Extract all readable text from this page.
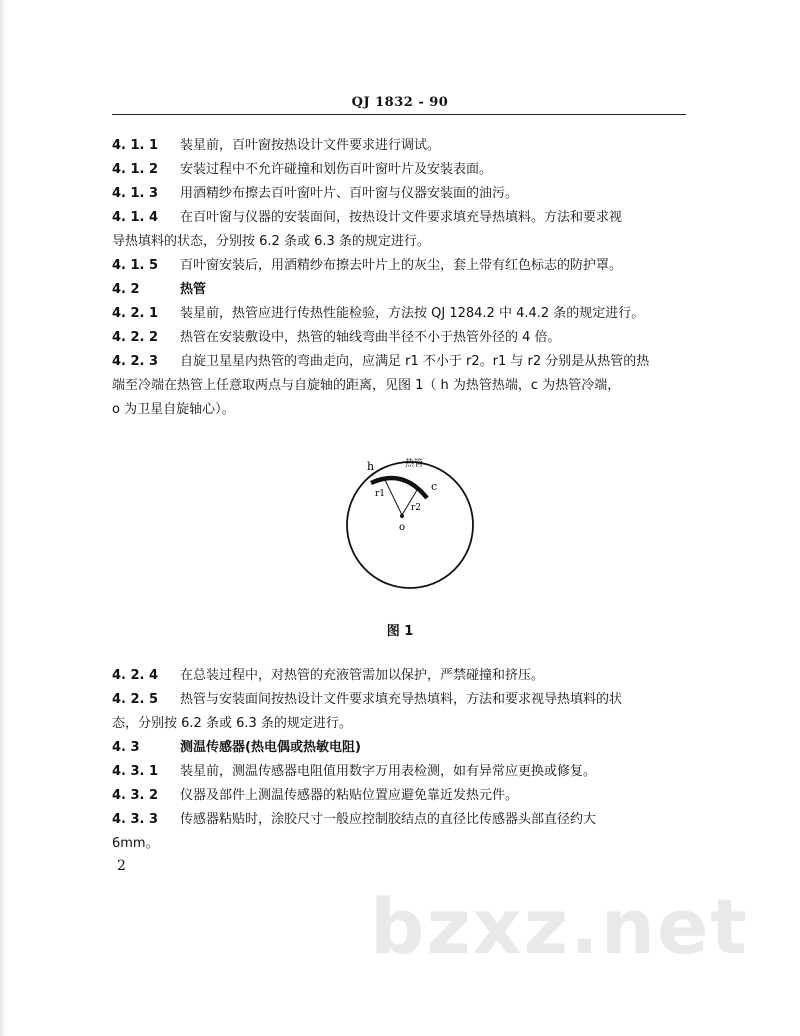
QJ 1832 - 90
4. 1. 1 装星前，百叶窗按热设计文件要求进行调试。
4. 1. 2 安装过程中不允许碰撞和划伤百叶窗叶片及安装表面。
4. 1. 3 用酒精纱布擦去百叶窗叶片、百叶窗与仪器安装面的油污。
4. 1. 4 在百叶窗与仪器的安装面间，按热设计文件要求填充导热填料。方法和要求视
导热填料的状态，分别按 6.2 条或 6.3 条的规定进行。
4. 1. 5 百叶窗安装后，用酒精纱布擦去叶片上的灰尘，套上带有红色标志的防护罩。
4. 2	热管
4. 2. 1 装星前，热管应进行传热性能检验，方法按 QJ 1284.2 中 4.4.2 条的规定进行。
4. 2. 2 热管在安装敷设中，热管的轴线弯曲半径不小于热管外径的 4 倍。
4. 2. 3 自旋卫星星内热管的弯曲走向，应满足 r1 不小于 r2。r1 与 r2 分别是从热管的热
端至冷端在热管上任意取两点与自旋轴的距离，见图 1（ h 为热管热端，c 为热管冷端，
o 为卫星自旋轴心）。
h	热管
c
r1
r2
o
图 1
4. 2. 4 在总装过程中，对热管的充液管需加以保护，严禁碰撞和挤压。
4. 2. 5 热管与安装面间按热设计文件要求填充导热填料，方法和要求视导热填料的状
态，分别按 6.2 条或 6.3 条的规定进行。
4. 3	测温传感器(热电偶或热敏电阻)
4. 3. 1 装星前，测温传感器电阻值用数字万用表检测，如有异常应更换或修复。
4. 3. 2 仪器及部件上测温传感器的粘贴位置应避免靠近发热元件。
4. 3. 3 传感器粘贴时，涂胶尺寸一般应控制胶结点的直径比传感器头部直径约大
6mm。
2
bzxz.net
